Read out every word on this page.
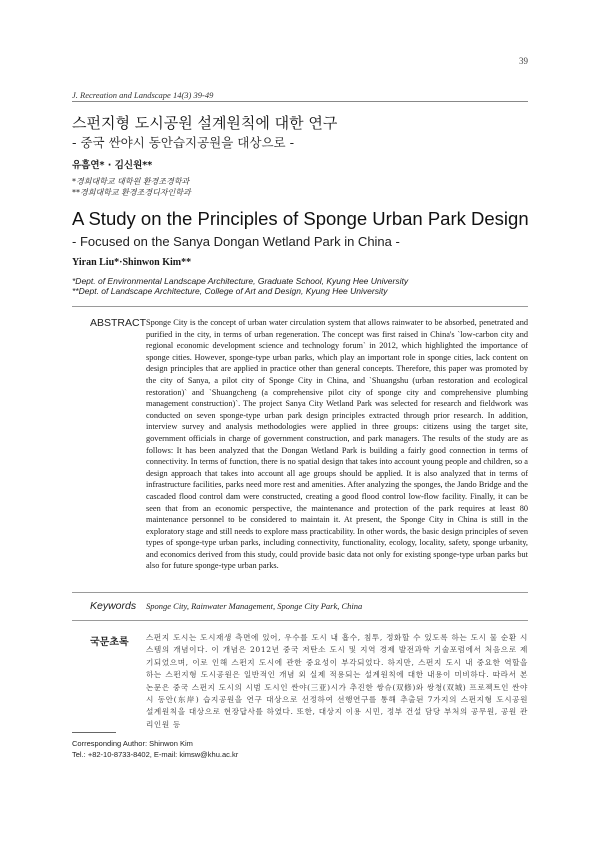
39
J. Recreation and Landscape 14(3) 39-49
스펀지형 도시공원 설계원칙에 대한 연구
- 중국 싼야시 동안습지공원을 대상으로 -
유흠연* · 김신원**
*경희대학교 대학원 환경조경학과
**경희대학교 환경조경디자인학과
A Study on the Principles of Sponge Urban Park Design
- Focused on the Sanya Dongan Wetland Park in China -
Yiran Liu*·Shinwon Kim**
*Dept. of Environmental Landscape Architecture, Graduate School, Kyung Hee University
**Dept. of Landscape Architecture, College of Art and Design, Kyung Hee University
ABSTRACT Sponge City is the concept of urban water circulation system that allows rainwater to be absorbed, penetrated and purified in the city, in terms of urban regeneration. The concept was first raised in China's `low-carbon city and regional economic development science and technology forum` in 2012, which highlighted the importance of sponge cities. However, sponge-type urban parks, which play an important role in sponge cities, lack content on design principles that are applied in practice other than general concepts. Therefore, this paper was promoted by the city of Sanya, a pilot city of Sponge City in China, and `Shuangshu (urban restoration and ecological restoration)` and `Shuangcheng (a comprehensive pilot city of sponge city and comprehensive plumbing management construction)`. The project Sanya City Wetland Park was selected for research and fieldwork was conducted on seven sponge-type urban park design principles extracted through prior research. In addition, interview survey and analysis methodologies were applied in three groups: citizens using the target site, government officials in charge of government construction, and park managers. The results of the study are as follows: It has been analyzed that the Dongan Wetland Park is building a fairly good connection in terms of connectivity. In terms of function, there is no spatial design that takes into account young people and children, so a design approach that takes into account all age groups should be applied. It is also analyzed that in terms of infrastructure facilities, parks need more rest and amenities. After analyzing the sponges, the Jando Bridge and the cascaded flood control dam were constructed, creating a good flood control low-flow facility. Finally, it can be seen that from an economic perspective, the maintenance and protection of the park requires at least 80 maintenance personnel to be considered to maintain it. At present, the Sponge City in China is still in the exploratory stage and still needs to explore mass practicability. In other words, the basic design principles of seven types of sponge-type urban parks, including connectivity, functionality, ecology, locality, safety, sponge urbanity, and economics derived from this study, could provide basic data not only for existing sponge-type urban parks but also for future sponge-type urban parks.
Keywords Sponge City, Rainwater Management, Sponge City Park, China
국문초록 스펀지 도시는 도시재생 측면에 있어, 우수를 도시 내 흡수, 침투, 정화할 수 있도록 하는 도시 물 순환 시스템의 개념이다. 이 개념은 2012년 중국 저탄소 도시 및 지역 경제 발전과학 기술포럼에서 처음으로 제기되었으며, 이로 인해 스펀지 도시에 관한 중요성이 부각되었다. 하지만, 스펀지 도시 내 중요한 역할을 하는 스펀지형 도시공원은 일반적인 개념 외 실제 적용되는 설계원칙에 대한 내용이 미비하다. 따라서 본 논문은 중국 스펀지 도시의 시범 도시인 싼야(三亚)시가 추진한 쌍슈(双修)와 쌍청(双城) 프로젝트인 싼야시 동안(东岸) 습지공원을 연구 대상으로 선정하여 선행연구를 통해 추출된 7가지의 스펀지형 도시공원 설계원칙을 대상으로 현장답사를 하였다. 또한, 대상지 이용 시민, 정부 건설 담당 부처의 공무원, 공원 관리인원 등
Corresponding Author: Shinwon Kim
Tel.: +82-10-8733-8402, E-mail: kimsw@khu.ac.kr
